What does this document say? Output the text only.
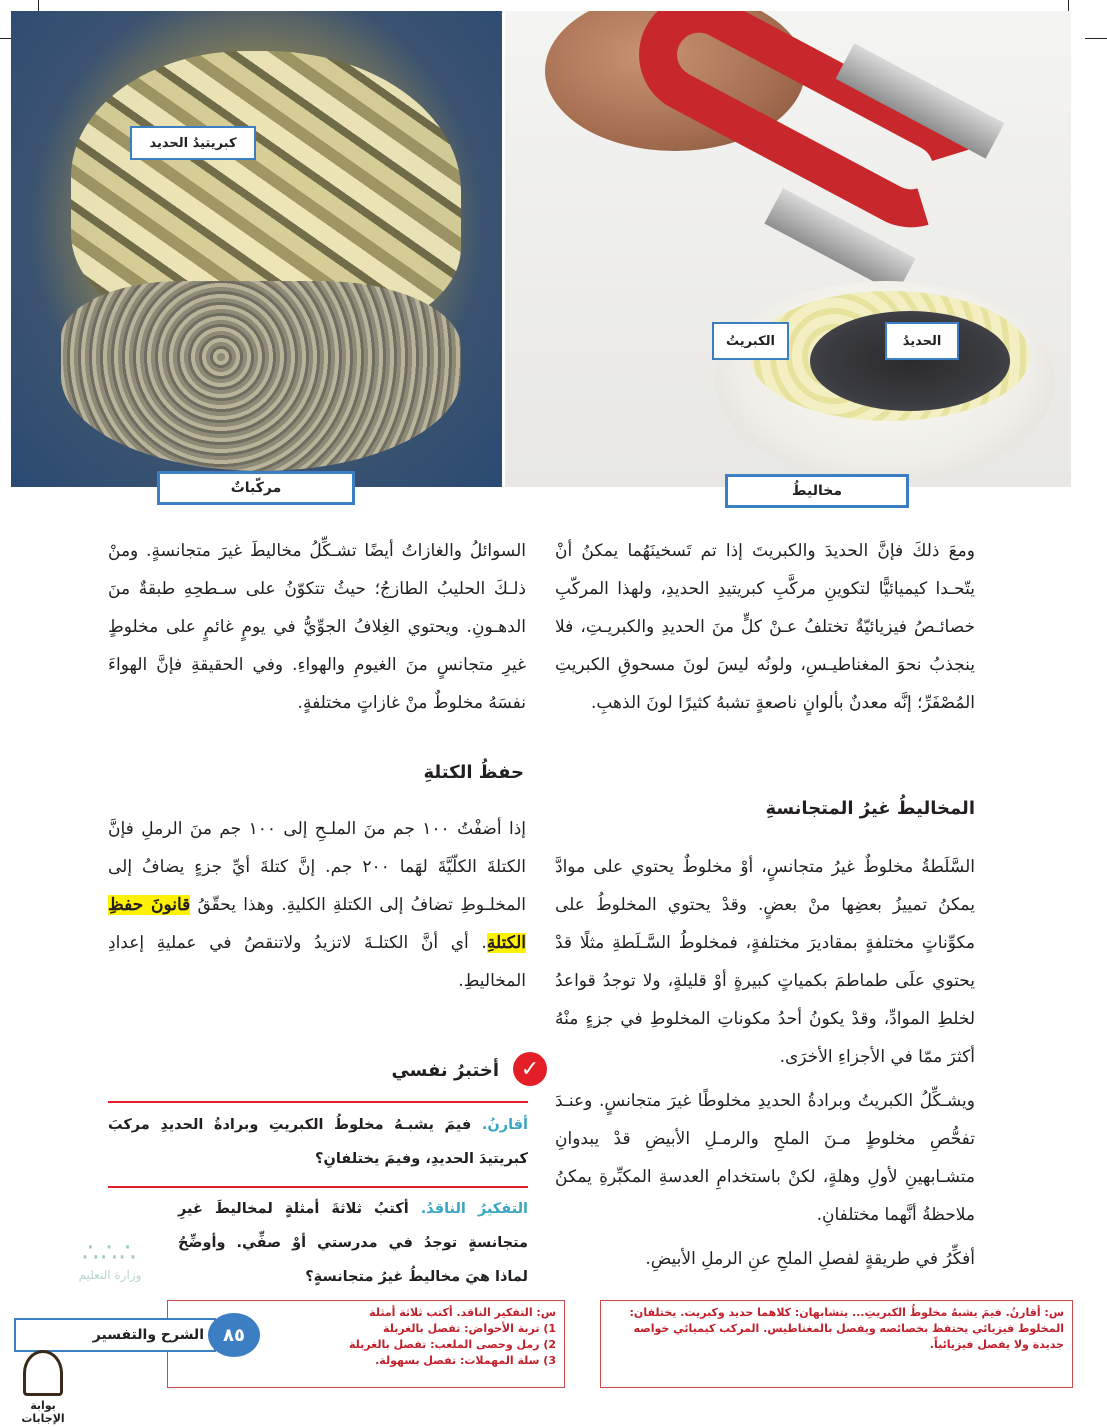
كبريتيدُ الحديد
مركّباتٌ
الكبريتُ	الحديدُ
مخاليطُ

ومعَ ذلكَ فإنَّ الحديدَ والكبريتَ إذا تم تَسخينَهُما يمكنُ أنْ يتّحـدا كيميائيًّا لتكوينِ مركَّبِ كبريتيدِ الحديدِ، ولهذا المركّبِ خصائـصُ فيزيائيّةٌ تختلفُ عـنْ كلٍّ منَ الحديدِ والكبريـتِ، فلا ينجذبُ نحوَ المغناطيـسِ، ولونُه ليسَ لونَ مسحوقِ الكبريتِ المُصْفَرِّ؛ إنَّه معدنٌ بألوانٍ ناصعةٍ تشبهُ كثيرًا لونَ الذهبِ.

المخاليطُ غيرُ المتجانسةِ

السَّلَطةُ مخلوطٌ غيرُ متجانسٍ، أوْ مخلوطٌ يحتوي على موادَّ يمكنُ تمييزُ بعضِها منْ بعضٍ. وقدْ يحتوي المخلوطُ على مكوِّناتٍ مختلفةٍ بمقاديرَ مختلفةٍ، فمخلوطُ السَّـلَطةِ مثلًا قدْ يحتوي علَى طماطمَ بكمياتٍ كبيرةٍ أوْ قليلةٍ، ولا توجدُ قواعدُ لخلطِ الموادِّ، وقدْ يكونُ أحدُ مكوناتِ المخلوطِ في جزءٍ منْهُ أكثرَ ممّا في الأجزاءِ الأخرَى.

ويشـكِّلُ الكبريتُ وبرادةُ الحديدِ مخلوطًا غيرَ متجانسٍ. وعنـدَ تفحُّصِ مخلوطٍ مـنَ الملحِ والرمـلِ الأبيضِ قدْ يبدوانِ متشـابهينِ لأولِ وهلةٍ، لكنْ باستخدامِ العدسةِ المكبِّرةِ يمكنُ ملاحظةُ أنَّهما مختلفانِ.

أفكِّرُ في طريقةٍ لفصلِ الملحِ عنِ الرملِ الأبيضِ.

السوائلُ والغازاتُ أيضًا تشـكِّلُ مخاليطَ غيرَ متجانسةٍ. ومنْ ذلـكَ الحليبُ الطازجُ؛ حيثُ تتكوّنُ على سـطحِهِ طبقةٌ منَ الدهـونِ. ويحتوي الغِلافُ الجوِّيُّ في يومٍ غائمٍ على مخلوطٍ غيرِ متجانسٍ منَ الغيومِ والهواءِ. وفي الحقيقةِ فإنَّ الهواءَ نفسَهُ مخلوطٌ منْ غازاتٍ مختلفةٍ.

حفظُ الكتلةِ

إذا أضفْتُ ١٠٠ جم منَ الملـحِ إلى ١٠٠ جم منَ الرملِ فإنَّ الكتلةَ الكلّيَّةَ لهَما ٢٠٠ جم. إنَّ كتلةَ أيِّ جزءٍ يضافُ إلى المخلـوطِ تضافُ إلى الكتلةِ الكليةِ. وهذا يحقّقُ قانونَ حفظِ الكتلةِ. أي أنَّ الكتلـةَ لاتزيدُ ولاتنقصُ في عمليةِ إعدادِ المخاليطِ.

✓
أختبرُ نفسي
أقارنُ. فيمَ يشبـهُ مخلوطُ الكبريتِ وبرادةُ الحديدِ مركبَ كبريتيدَ الحديدِ، وفيمَ يختلفانِ؟
التفكيرُ الناقدُ. أكتبُ ثلاثةَ أمثلةٍ لمخاليطَ غيرِ متجانسةٍ توجدُ في مدرستي أوْ صفِّي. وأوضِّحُ لماذا هيَ مخاليطُ غيرُ متجانسةٍ؟
س: أقارنُ. فيمَ يشبهُ مخلوطُ الكبريتِ... يتشابهان: كلاهما حديد وكبريت. يختلفان: المخلوط فيزيائي يحتفظ بخصائصه ويفصل بالمغناطيس. المركب كيميائي خواصه جديدة ولا يفصل فيزيائياً.
س: التفكير الناقد. أكتب ثلاثة أمثلة
1) تربة الأحواض: تفصل بالغربلة
2) رمل وحصى الملعب: تفصل بالغربلة
3) سلة المهملات: تفصل بسهولة.
∴∴∴
وزارة التعليم
الشرح والتفسير	٨٥
بوابة الإجابات
